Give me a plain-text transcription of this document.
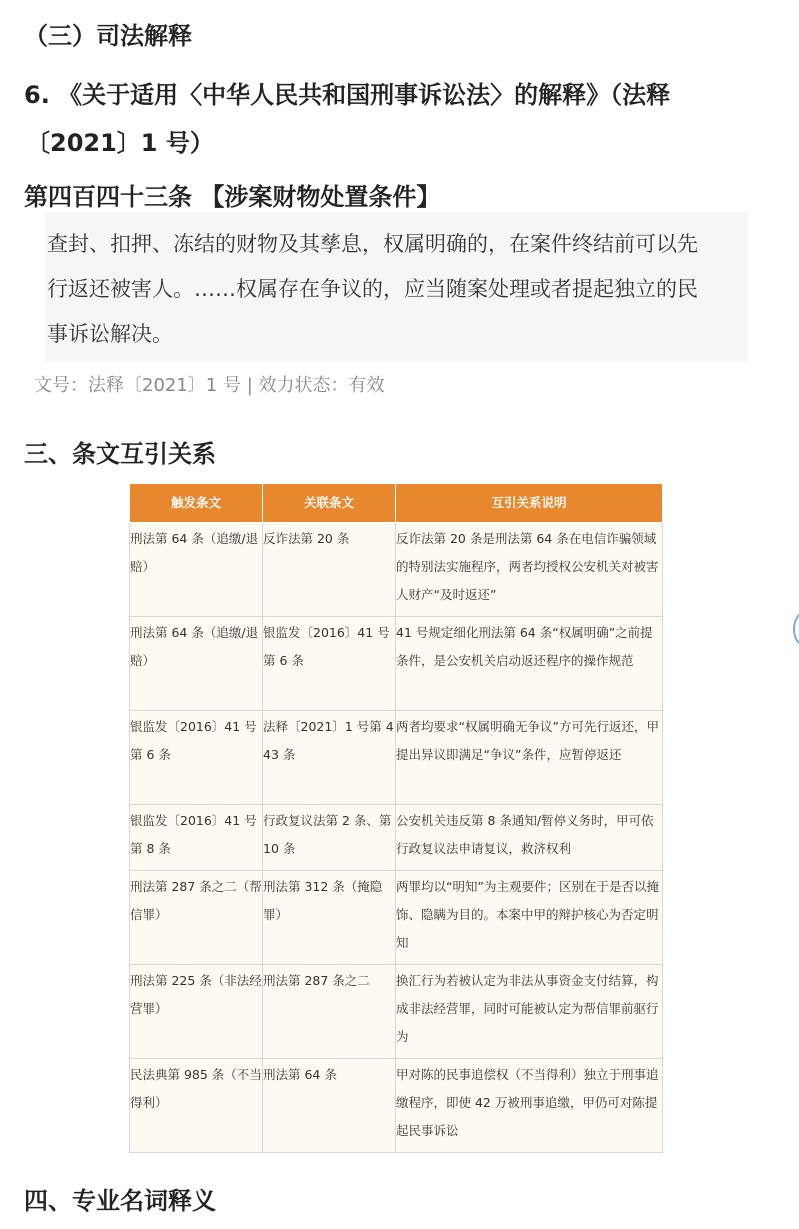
（三）司法解释
6. 《关于适用〈中华人民共和国刑事诉讼法〉的解释》（法释
〔2021〕1 号）
第四百四十三条 【涉案财物处置条件】

查封、扣押、冻结的财物及其孳息，权属明确的，在案件终结前可以先

行返还被害人。……权属存在争议的，应当随案处理或者提起独立的民

事诉讼解决。

文号：法释〔2021〕1 号 | 效力状态：有效
三、条文互引关系
触发条文	关联条文	互引关系说明
刑法第 64 条（追缴/退赔）	反诈法第 20 条	反诈法第 20 条是刑法第 64 条在电信诈骗领域的特别法实施程序，两者均授权公安机关对被害人财产“及时返还”
刑法第 64 条（追缴/退赔）	银监发〔2016〕41 号第 6 条	41 号规定细化刑法第 64 条“权属明确”之前提条件，是公安机关启动返还程序的操作规范
银监发〔2016〕41 号第 6 条	法释〔2021〕1 号第 443 条	两者均要求“权属明确无争议”方可先行返还，甲提出异议即满足“争议”条件，应暂停返还
银监发〔2016〕41 号第 8 条	行政复议法第 2 条、第 10 条	公安机关违反第 8 条通知/暂停义务时，甲可依行政复议法申请复议，救济权利
刑法第 287 条之二（帮信罪）	刑法第 312 条（掩隐罪）	两罪均以“明知”为主观要件；区别在于是否以掩饰、隐瞒为目的。本案中甲的辩护核心为否定明知
刑法第 225 条（非法经营罪）	刑法第 287 条之二	换汇行为若被认定为非法从事资金支付结算，构成非法经营罪，同时可能被认定为帮信罪前驱行为
民法典第 985 条（不当得利）	刑法第 64 条	甲对陈的民事追偿权（不当得利）独立于刑事追缴程序，即使 42 万被刑事追缴，甲仍可对陈提起民事诉讼
四、专业名词释义
